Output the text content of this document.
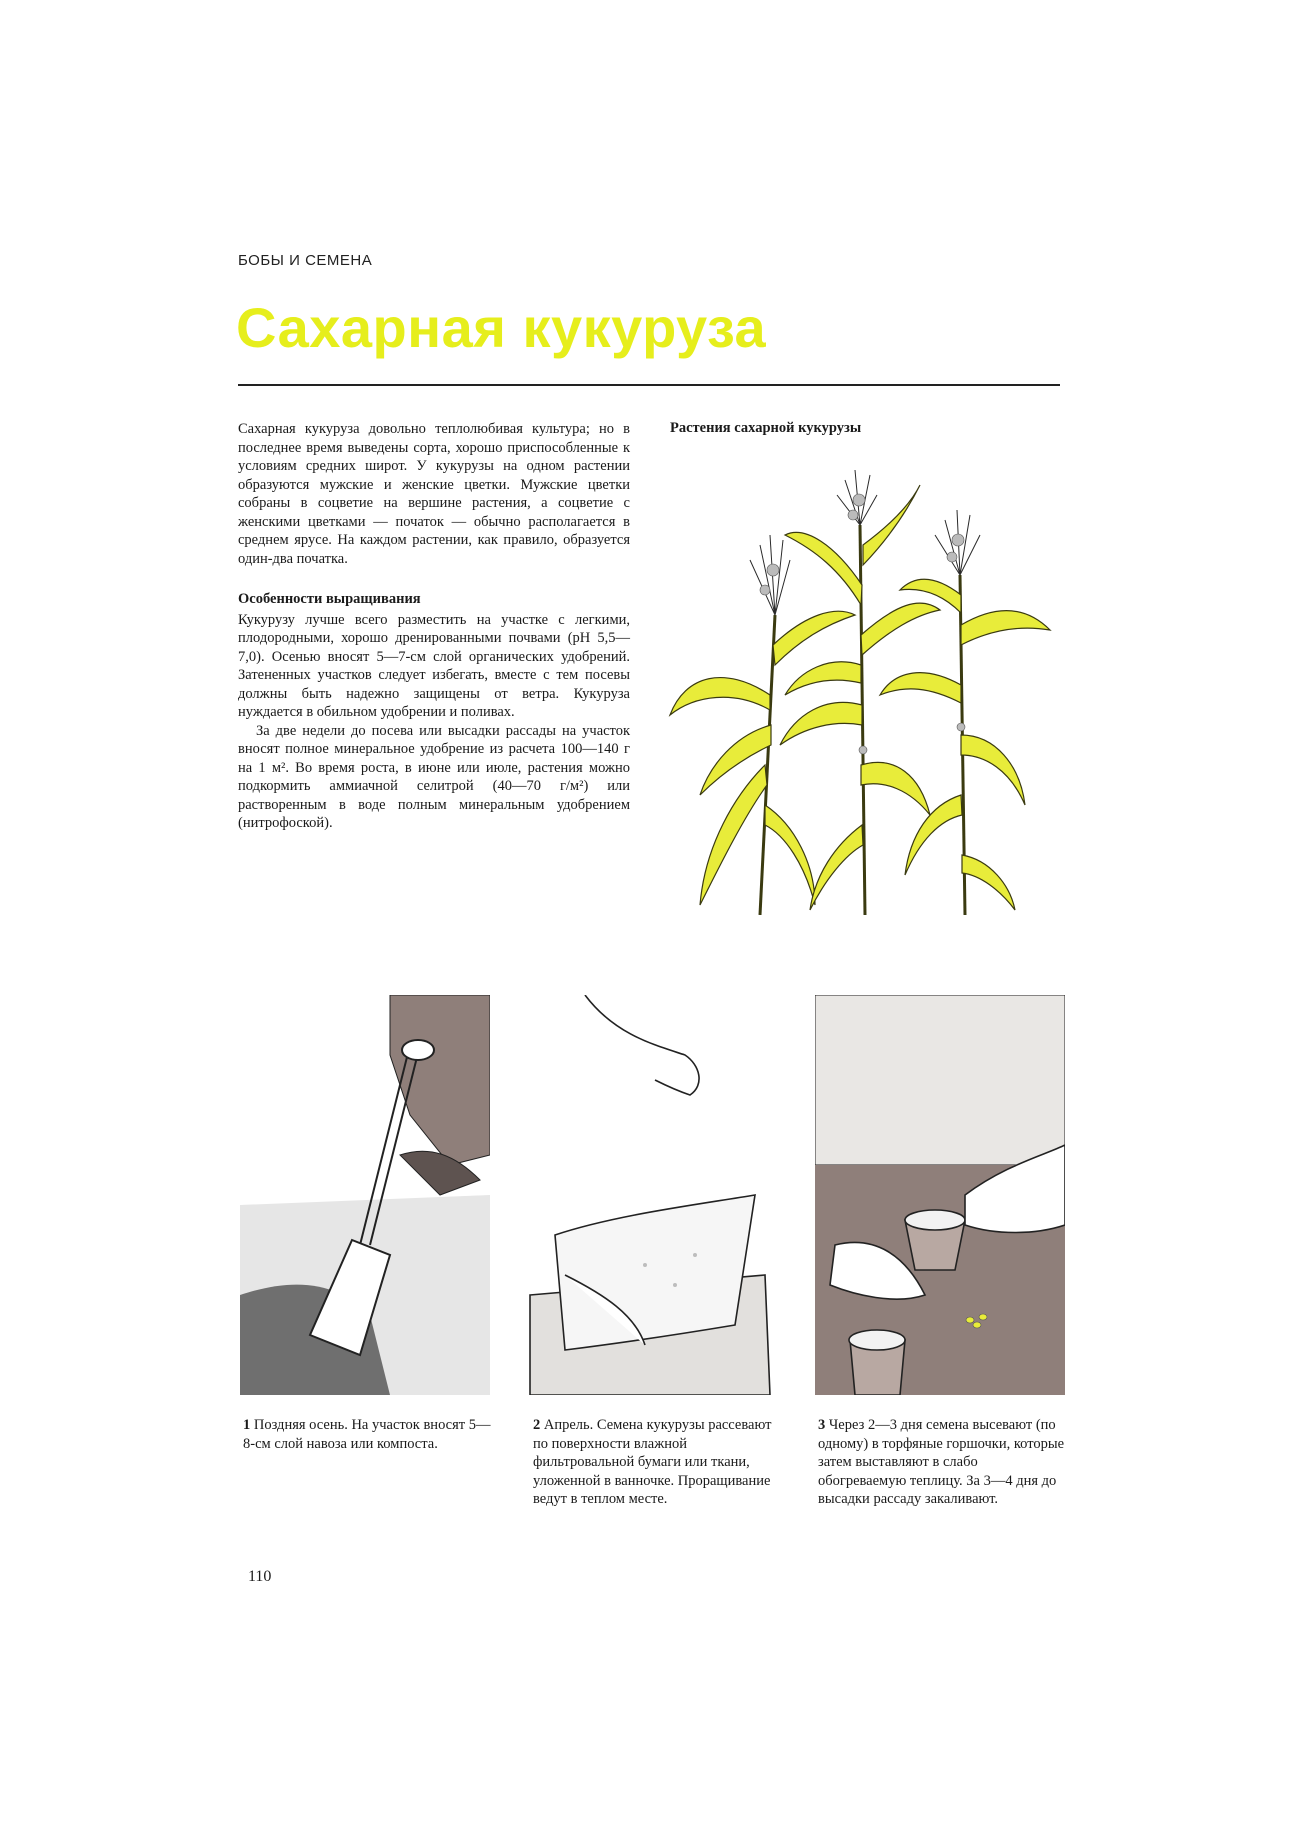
БОБЫ И СЕМЕНА
Сахарная кукуруза

Сахарная кукуруза довольно теплолюбивая культура; но в последнее время выведены сорта, хорошо приспособленные к условиям средних широт. У кукурузы на одном растении образуются мужские и женские цветки. Мужские цветки собраны в соцветие на вершине растения, а соцветие с женскими цветками — початок — обычно располагается в среднем ярусе. На каждом растении, как правило, образуется один-два початка.

Особенности выращивания

Кукурузу лучше всего разместить на участке с легкими, плодородными, хорошо дренированными почвами (рН 5,5—7,0). Осенью вносят 5—7-см слой органических удобрений. Затененных участков следует избегать, вместе с тем посевы должны быть надежно защищены от ветра. Кукуруза нуждается в обильном удобрении и поливах.

За две недели до посева или высадки рассады на участок вносят полное минеральное удобрение из расчета 100—140 г на 1 м². Во время роста, в июне или июле, растения можно подкормить аммиачной селитрой (40—70 г/м²) или растворенным в воде полным минеральным удобрением (нитрофоской).

Растения сахарной кукурузы
1 Поздняя осень. На участок вносят 5—8-см слой навоза или компоста.
2 Апрель. Семена кукурузы рассевают по поверхности влажной фильтровальной бумаги или ткани, уложенной в ванночке. Проращивание ведут в теплом месте.
3 Через 2—3 дня семена высевают (по одному) в торфяные горшочки, которые затем выставляют в слабо обогреваемую теплицу. За 3—4 дня до высадки рассаду закаливают.
110
